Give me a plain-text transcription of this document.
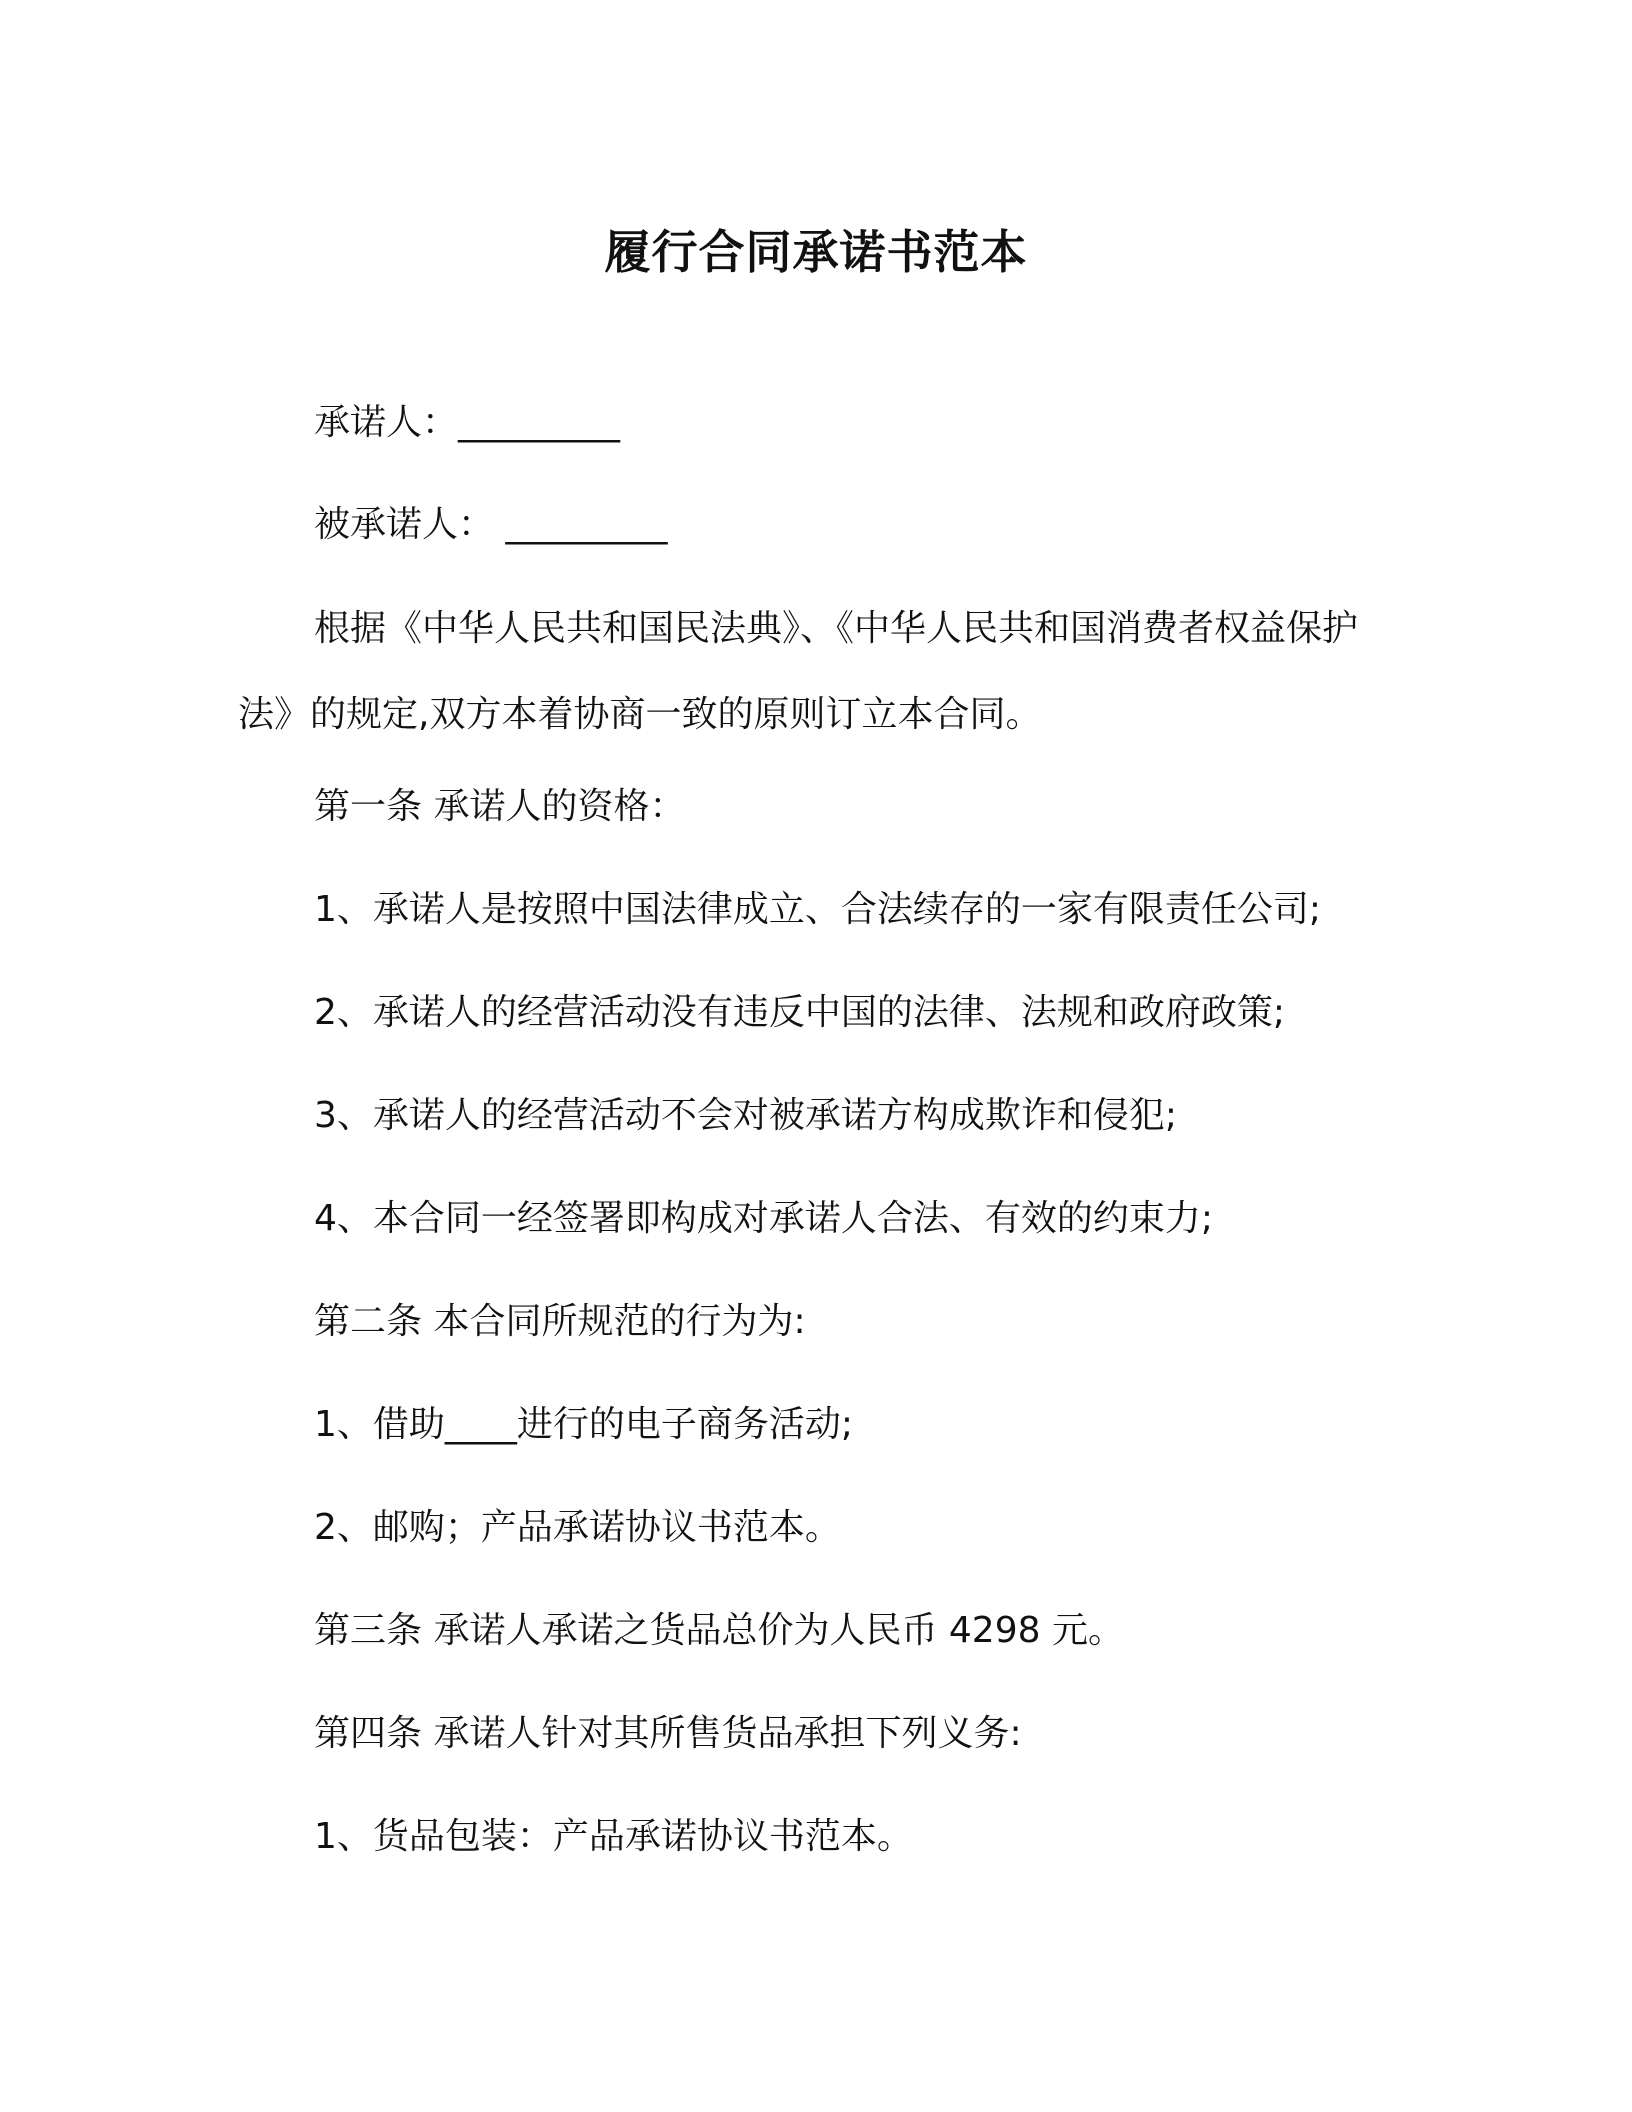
履行合同承诺书范本
承诺人：_________
被承诺人： _________
根据《中华人民共和国民法典》、《中华人民共和国消费者权益保护法》的规定,双方本着协商一致的原则订立本合同。
第一条 承诺人的资格：
1、承诺人是按照中国法律成立、合法续存的一家有限责任公司;
2、承诺人的经营活动没有违反中国的法律、法规和政府政策;
3、承诺人的经营活动不会对被承诺方构成欺诈和侵犯;
4、本合同一经签署即构成对承诺人合法、有效的约束力;
第二条 本合同所规范的行为为:
1、借助____进行的电子商务活动;
2、邮购；产品承诺协议书范本。
第三条 承诺人承诺之货品总价为人民币 4298 元。
第四条 承诺人针对其所售货品承担下列义务:
1、货品包装：产品承诺协议书范本。
